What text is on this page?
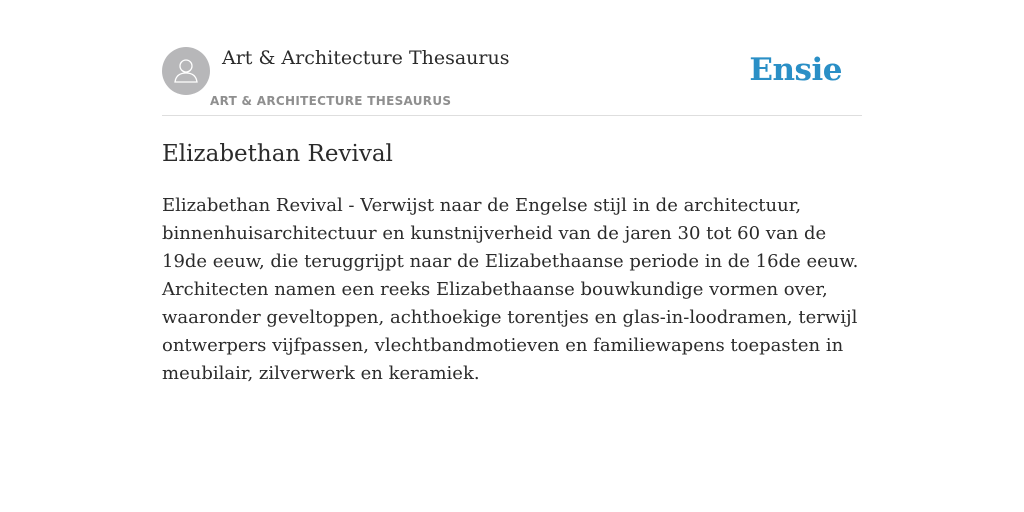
Art & Architecture Thesaurus
ART & ARCHITECTURE THESAURUS
Ensie
Elizabethan Revival

Elizabethan Revival - Verwijst naar de Engelse stijl in de architectuur, binnenhuisarchitectuur en kunstnijverheid van de jaren 30 tot 60 van de 19de eeuw, die teruggrijpt naar de Elizabethaanse periode in de 16de eeuw. Architecten namen een reeks Elizabethaanse bouwkundige vormen over, waaronder geveltoppen, achthoekige torentjes en glas-in-loodramen, terwijl ontwerpers vijfpassen, vlechtbandmotieven en familiewapens toepasten in meubilair, zilverwerk en keramiek.
